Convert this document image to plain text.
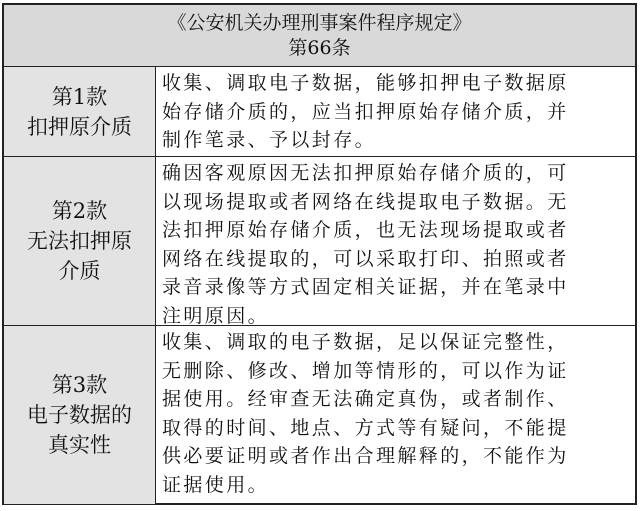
《公安机关办理刑事案件程序规定》
第66条
第1款
扣押原介质
收集、调取电子数据，能够扣押电子数据原
始存储介质的，应当扣押原始存储介质，并
制作笔录、予以封存。
第2款
无法扣押原
介质
确因客观原因无法扣押原始存储介质的，可
以现场提取或者网络在线提取电子数据。无
法扣押原始存储介质，也无法现场提取或者
网络在线提取的，可以采取打印、拍照或者
录音录像等方式固定相关证据，并在笔录中
注明原因。
第3款
电子数据的
真实性
收集、调取的电子数据，足以保证完整性，
无删除、修改、增加等情形的，可以作为证
据使用。经审查无法确定真伪，或者制作、
取得的时间、地点、方式等有疑问，不能提
供必要证明或者作出合理解释的，不能作为
证据使用。
